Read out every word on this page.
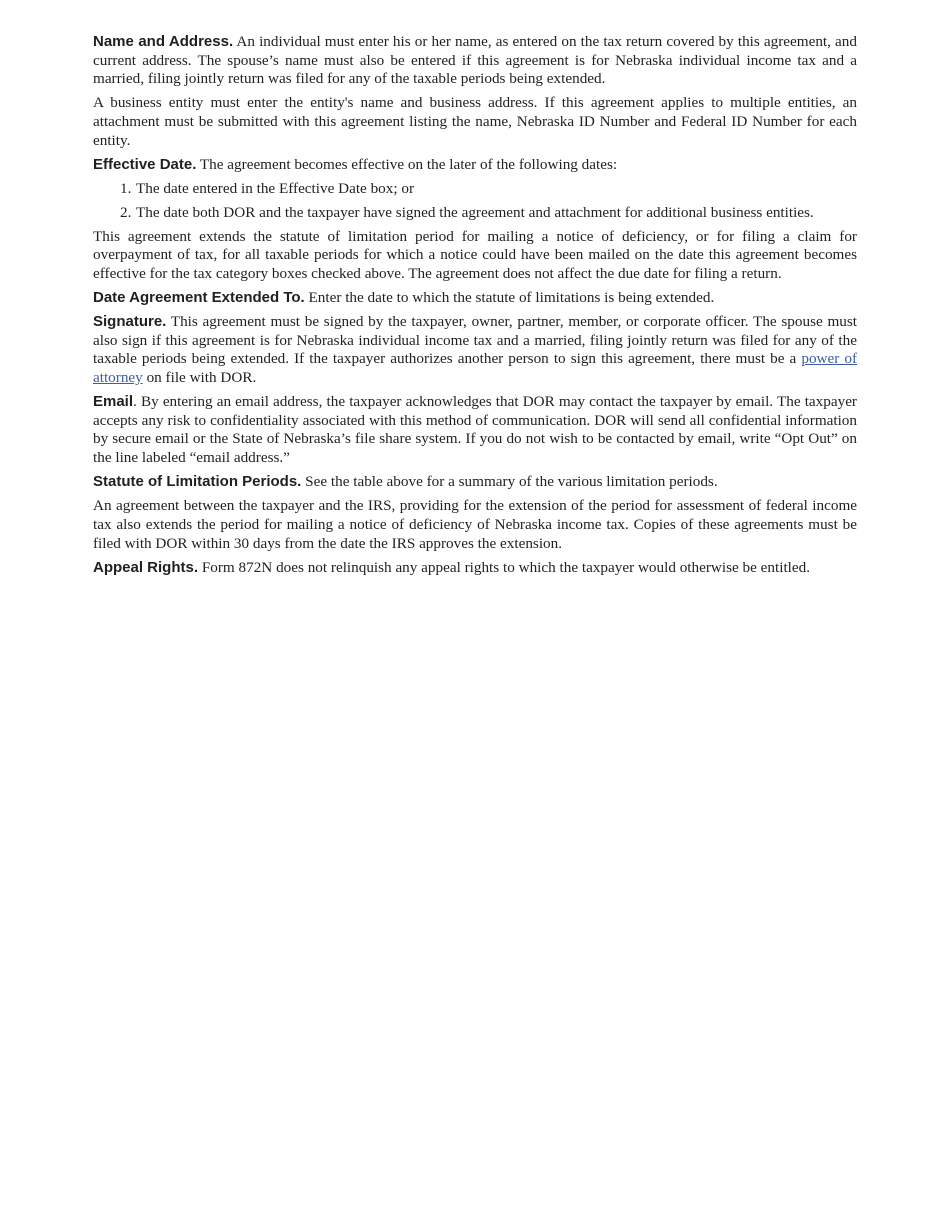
Name and Address. An individual must enter his or her name, as entered on the tax return covered by this agreement, and current address. The spouse’s name must also be entered if this agreement is for Nebraska individual income tax and a married, filing jointly return was filed for any of the taxable periods being extended.

A business entity must enter the entity's name and business address. If this agreement applies to multiple entities, an attachment must be submitted with this agreement listing the name, Nebraska ID Number and Federal ID Number for each entity.

Effective Date. The agreement becomes effective on the later of the following dates:

1. The date entered in the Effective Date box; or
2. The date both DOR and the taxpayer have signed the agreement and attachment for additional business entities.

This agreement extends the statute of limitation period for mailing a notice of deficiency, or for filing a claim for overpayment of tax, for all taxable periods for which a notice could have been mailed on the date this agreement becomes effective for the tax category boxes checked above. The agreement does not affect the due date for filing a return.

Date Agreement Extended To. Enter the date to which the statute of limitations is being extended.

Signature. This agreement must be signed by the taxpayer, owner, partner, member, or corporate officer. The spouse must also sign if this agreement is for Nebraska individual income tax and a married, filing jointly return was filed for any of the taxable periods being extended. If the taxpayer authorizes another person to sign this agreement, there must be a power of attorney on file with DOR.

Email. By entering an email address, the taxpayer acknowledges that DOR may contact the taxpayer by email. The taxpayer accepts any risk to confidentiality associated with this method of communication. DOR will send all confidential information by secure email or the State of Nebraska’s file share system. If you do not wish to be contacted by email, write “Opt Out” on the line labeled “email address.”

Statute of Limitation Periods. See the table above for a summary of the various limitation periods.

An agreement between the taxpayer and the IRS, providing for the extension of the period for assessment of federal income tax also extends the period for mailing a notice of deficiency of Nebraska income tax. Copies of these agreements must be filed with DOR within 30 days from the date the IRS approves the extension.

Appeal Rights. Form 872N does not relinquish any appeal rights to which the taxpayer would otherwise be entitled.
